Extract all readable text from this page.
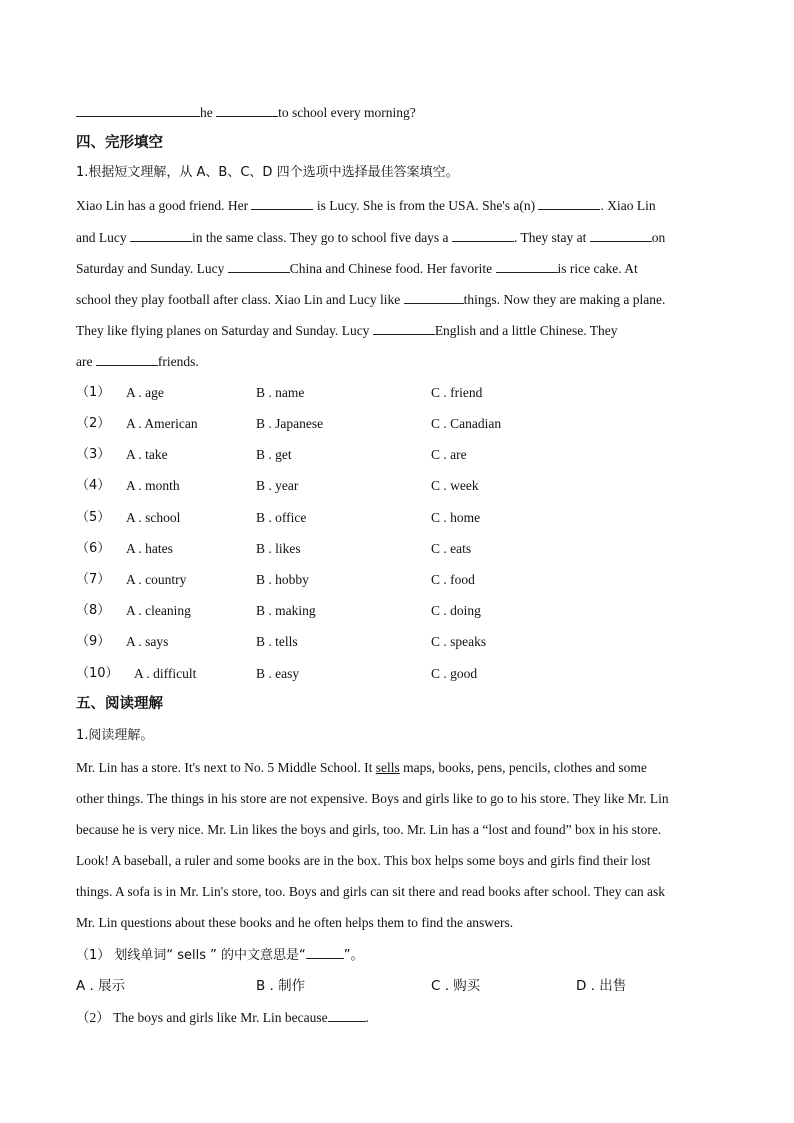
he	to school every morning?
四、完形填空
1.根据短文理解，从 A、B、C、D 四个选项中选择最佳答案填空。
Xiao Lin has a good friend. Her	is Lucy. She is from the USA. She's a(n)	. Xiao Lin
and Lucy	in the same class. They go to school five days a	. They stay at	on
Saturday and Sunday. Lucy	China and Chinese food. Her favorite	is rice cake. At
school they play football after class. Xiao Lin and Lucy like	things. Now they are making a plane.
They like flying planes on Saturday and Sunday. Lucy	English and a little Chinese. They
are	friends.
（1） A . age	B . name	C . friend
（2） A . American	B . Japanese	C . Canadian
（3） A . take	B . get	C . are
（4） A . month	B . year	C . week
（5） A . school	B . office	C . home
（6） A . hates	B . likes	C . eats
（7） A . country	B . hobby	C . food
（8） A . cleaning	B . making	C . doing
（9） A . says	B . tells	C . speaks
（10） A . difficult	B . easy	C . good
五、阅读理解
1.阅读理解。
Mr. Lin has a store. It's next to No. 5 Middle School. It sells maps, books, pens, pencils, clothes and some
other things. The things in his store are not expensive. Boys and girls like to go to his store. They like Mr. Lin
because he is very nice. Mr. Lin likes the boys and girls, too. Mr. Lin has a “lost and found” box in his store.
Look! A baseball, a ruler and some books are in the box. This box helps some boys and girls find their lost
things. A sofa is in Mr. Lin's store, too. Boys and girls can sit there and read books after school. They can ask
Mr. Lin questions about these books and he often helps them to find the answers.
（1） 划线单词“ sells ” 的中文意思是“	”。
A . 展示	B . 制作	C . 购买	D . 出售
（2） The boys and girls like Mr. Lin because	.
